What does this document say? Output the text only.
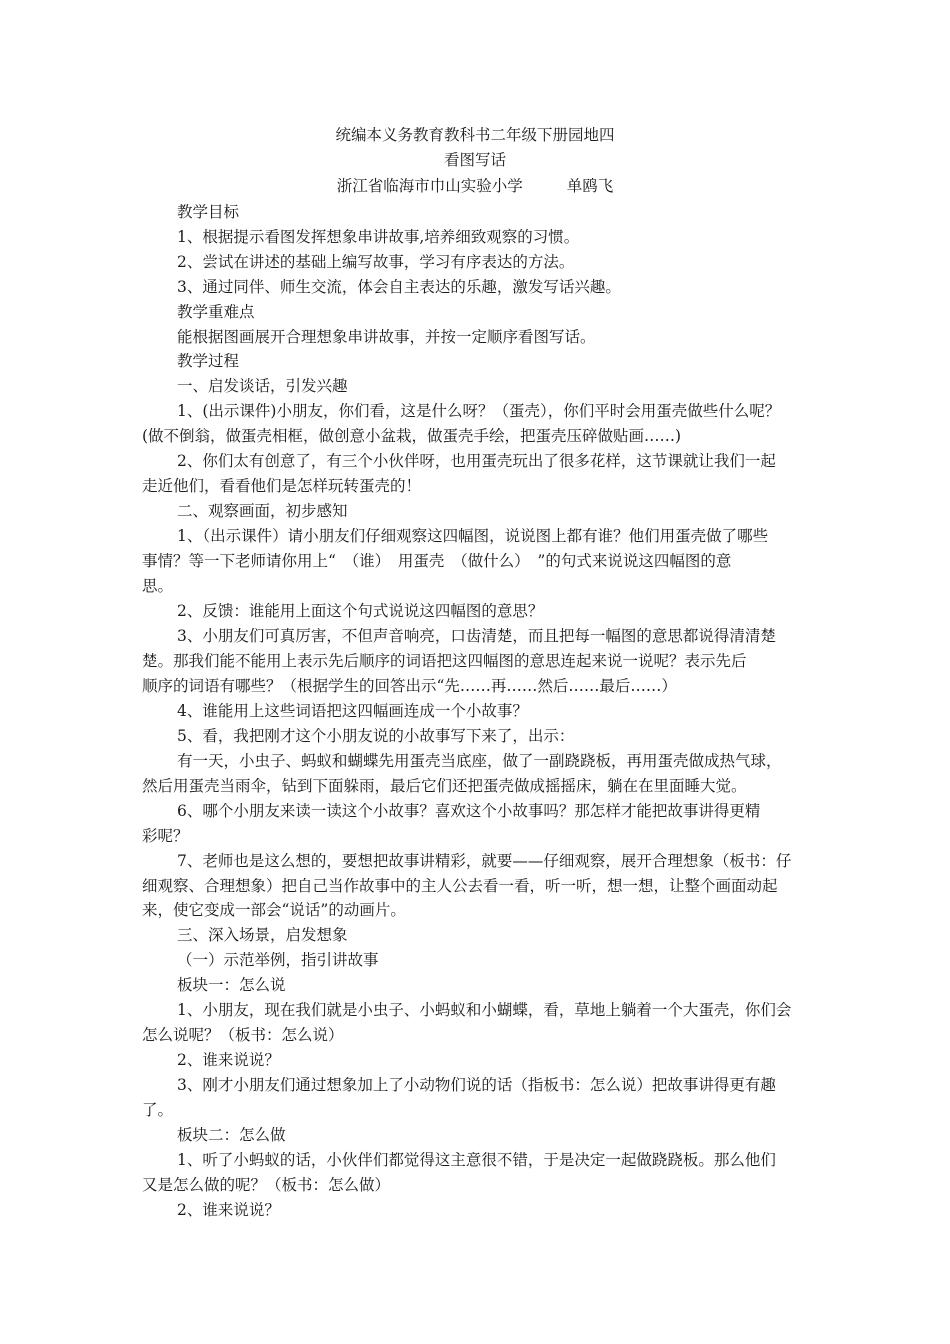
统编本义务教育教科书二年级下册园地四
看图写话
浙江省临海市巾山实验小学	单鸥飞
教学目标
1、根据提示看图发挥想象串讲故事,培养细致观察的习惯。
2、尝试在讲述的基础上编写故事，学习有序表达的方法。
3、通过同伴、师生交流，体会自主表达的乐趣，激发写话兴趣。
教学重难点
能根据图画展开合理想象串讲故事，并按一定顺序看图写话。
教学过程
一、启发谈话，引发兴趣
1、(出示课件)小朋友，你们看，这是什么呀？（蛋壳），你们平时会用蛋壳做些什么呢？
(做不倒翁，做蛋壳相框，做创意小盆栽，做蛋壳手绘，把蛋壳压碎做贴画……)
2、你们太有创意了，有三个小伙伴呀，也用蛋壳玩出了很多花样，这节课就让我们一起
走近他们，看看他们是怎样玩转蛋壳的！
二、观察画面，初步感知
1、（出示课件）请小朋友们仔细观察这四幅图，说说图上都有谁？他们用蛋壳做了哪些
事情？等一下老师请你用上“　（谁）　用蛋壳　（做什么）　”的句式来说说这四幅图的意
思。
2、反馈：谁能用上面这个句式说说这四幅图的意思？
3、小朋友们可真厉害，不但声音响亮，口齿清楚，而且把每一幅图的意思都说得清清楚
楚。那我们能不能用上表示先后顺序的词语把这四幅图的意思连起来说一说呢？表示先后
顺序的词语有哪些？（根据学生的回答出示“先……再……然后……最后……）
4、谁能用上这些词语把这四幅画连成一个小故事？
5、看，我把刚才这个小朋友说的小故事写下来了，出示：
有一天，小虫子、蚂蚁和蝴蝶先用蛋壳当底座，做了一副跷跷板，再用蛋壳做成热气球，
然后用蛋壳当雨伞，钻到下面躲雨，最后它们还把蛋壳做成摇摇床，躺在在里面睡大觉。
6、哪个小朋友来读一读这个小故事？喜欢这个小故事吗？那怎样才能把故事讲得更精
彩呢？
7、老师也是这么想的，要想把故事讲精彩，就要——仔细观察，展开合理想象（板书：仔
细观察、合理想象）把自己当作故事中的主人公去看一看，听一听，想一想，让整个画面动起
来，使它变成一部会“说话”的动画片。
三、深入场景，启发想象
（一）示范举例，指引讲故事
板块一：怎么说
1、小朋友，现在我们就是小虫子、小蚂蚁和小蝴蝶，看，草地上躺着一个大蛋壳，你们会
怎么说呢？（板书：怎么说）
2、谁来说说？
3、刚才小朋友们通过想象加上了小动物们说的话（指板书：怎么说）把故事讲得更有趣
了。
板块二：怎么做
1、听了小蚂蚁的话，小伙伴们都觉得这主意很不错，于是决定一起做跷跷板。那么他们
又是怎么做的呢？（板书：怎么做）
2、谁来说说？
